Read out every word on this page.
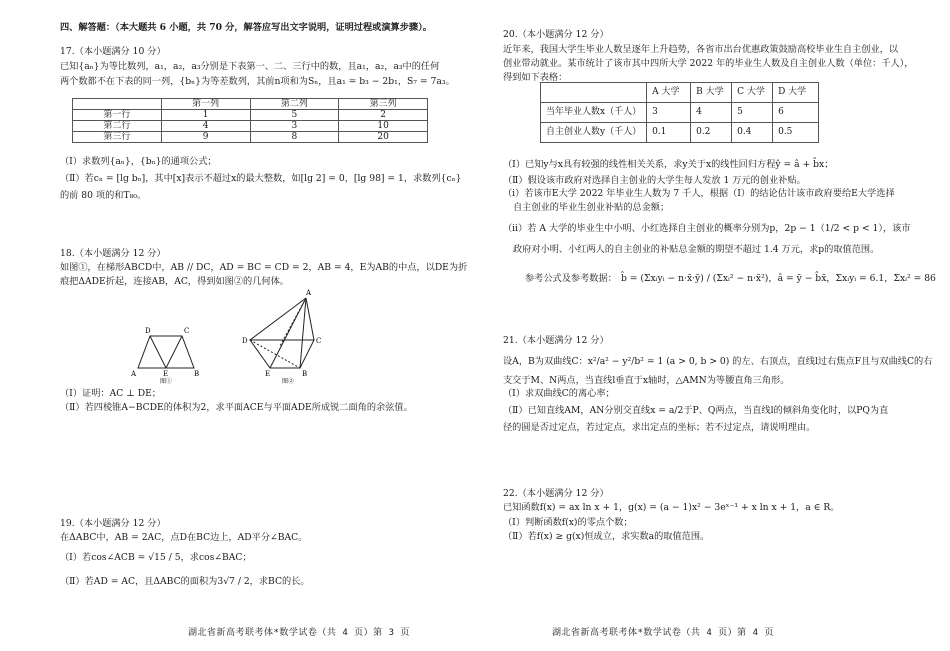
四、解答题：（本大题共 6 小题，共 70 分，解答应写出文字说明，证明过程或演算步骤）。
17.（本小题满分 10 分）
已知{aₙ}为等比数列，a₁，a₂，a₃分别是下表第一、二、三行中的数，且a₁，a₂，a₃中的任何
两个数都不在下表的同一列，{bₙ}为等差数列，其前n项和为Sₙ，且a₁ = b₃ − 2b₁，S₇ = 7a₃。
	第一列	第二列	第三列
第一行	1	5	2
第二行	4	3	10
第三行	9	8	20
（Ⅰ）求数列{aₙ}，{bₙ}的通项公式；
（Ⅱ）若cₙ = [lg bₙ]，其中[x]表示不超过x的最大整数，如[lg 2] = 0，[lg 98] = 1，求数列{cₙ}
的前 80 项的和T₈₀。
18.（本小题满分 12 分）
如图①，在梯形ABCD中，AB // DC，AD = BC = CD = 2，AB = 4，E为AB的中点，以DE为折
痕把ΔADE折起，连接AB，AC，得到如图②的几何体。
D	C
A	E	B
图①
A
D	C
E	B
图②
（Ⅰ）证明：AC ⊥ DE；
（Ⅱ）若四棱锥A−BCDE的体积为2，求平面ACE与平面ADE所成锐二面角的余弦值。
19.（本小题满分 12 分）
在ΔABC中，AB = 2AC，点D在BC边上，AD平分∠BAC。
（Ⅰ）若cos∠ACB = √15 / 5，求cos∠BAC；
（Ⅱ）若AD = AC，且ΔABC的面积为3√7 / 2，求BC的长。
湖北省新高考联考体*数学试卷（共 4 页）第 3 页
20.（本小题满分 12 分）
近年来，我国大学生毕业人数呈逐年上升趋势，各省市出台优惠政策鼓励高校毕业生自主创业，以
创业带动就业。某市统计了该市其中四所大学 2022 年的毕业生人数及自主创业人数（单位：千人），
得到如下表格：
	A 大学	B 大学	C 大学	D 大学
当年毕业人数x（千人）	3	4	5	6
自主创业人数y（千人）	0.1	0.2	0.4	0.5
（Ⅰ）已知y与x具有较强的线性相关关系，求y关于x的线性回归方程ŷ = â + b̂x；
（Ⅱ）假设该市政府对选择自主创业的大学生每人发放 1 万元的创业补贴。
（ⅰ）若该市E大学 2022 年毕业生人数为 7 千人，根据（Ⅰ）的结论估计该市政府要给E大学选择
自主创业的毕业生创业补贴的总金额；
（ⅱ）若 A 大学的毕业生中小明、小红选择自主创业的概率分别为p，2p − 1（1/2 < p < 1），该市
政府对小明、小红两人的自主创业的补贴总金额的期望不超过 1.4 万元，求p的取值范围。
参考公式及参考数据： b̂ = (Σxᵢyᵢ − n·x̄·ȳ) / (Σxᵢ² − n·x̄²)，â = ȳ − b̂x̄，Σxᵢyᵢ = 6.1，Σxᵢ² = 86
21.（本小题满分 12 分）
设A，B为双曲线C：x²/a² − y²/b² = 1 (a > 0, b > 0) 的左、右顶点，直线l过右焦点F且与双曲线C的右
支交于M、N两点，当直线l垂直于x轴时，△AMN为等腰直角三角形。
（Ⅰ）求双曲线C的离心率；
（Ⅱ）已知直线AM，AN分别交直线x = a/2于P、Q两点，当直线l的倾斜角变化时，以PQ为直
径的圆是否过定点，若过定点，求出定点的坐标；若不过定点，请说明理由。
22.（本小题满分 12 分）
已知函数f(x) = ax ln x + 1，g(x) = (a − 1)x² − 3eˣ⁻¹ + x ln x + 1，a ∈ R。
（Ⅰ）判断函数f(x)的零点个数；
（Ⅱ）若f(x) ≥ g(x)恒成立，求实数a的取值范围。
湖北省新高考联考体*数学试卷（共 4 页）第 4 页
